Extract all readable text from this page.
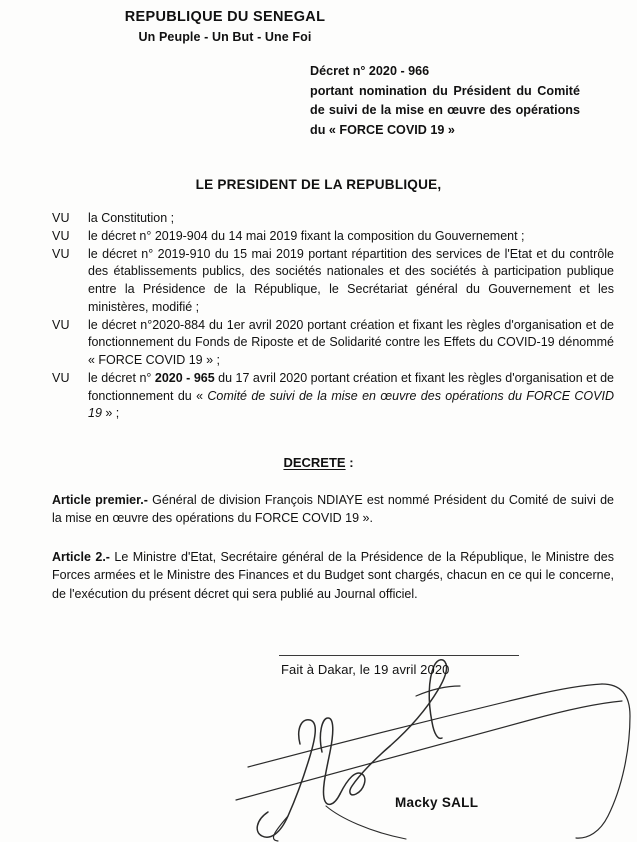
REPUBLIQUE DU SENEGAL
Un Peuple - Un But - Une Foi
Décret n° 2020 - 966
portant nomination du Président du Comité de suivi de la mise en œuvre des opérations du « FORCE COVID 19 »
LE PRESIDENT DE LA REPUBLIQUE,
VU	la Constitution ;
VU	le décret n° 2019-904 du 14 mai 2019 fixant la composition du Gouvernement ;
VU	le décret n° 2019-910 du 15 mai 2019 portant répartition des services de l'Etat et du contrôle des établissements publics, des sociétés nationales et des sociétés à participation publique entre la Présidence de la République, le Secrétariat général du Gouvernement et les ministères, modifié ;
VU	le décret n°2020-884 du 1er avril 2020 portant création et fixant les règles d'organisation et de fonctionnement du Fonds de Riposte et de Solidarité contre les Effets du COVID-19 dénommé « FORCE COVID 19 » ;
VU	le décret n° 2020 - 965 du 17 avril 2020 portant création et fixant les règles d'organisation et de fonctionnement du « Comité de suivi de la mise en œuvre des opérations du FORCE COVID 19 » ;
DECRETE :
Article premier.- Général de division François NDIAYE est nommé Président du Comité de suivi de la mise en œuvre des opérations du FORCE COVID 19 ».
Article 2.- Le Ministre d'Etat, Secrétaire général de la Présidence de la République, le Ministre des Forces armées et le Ministre des Finances et du Budget sont chargés, chacun en ce qui le concerne, de l'exécution du présent décret qui sera publié au Journal officiel.
Fait à Dakar, le 19 avril 2020
Macky SALL
